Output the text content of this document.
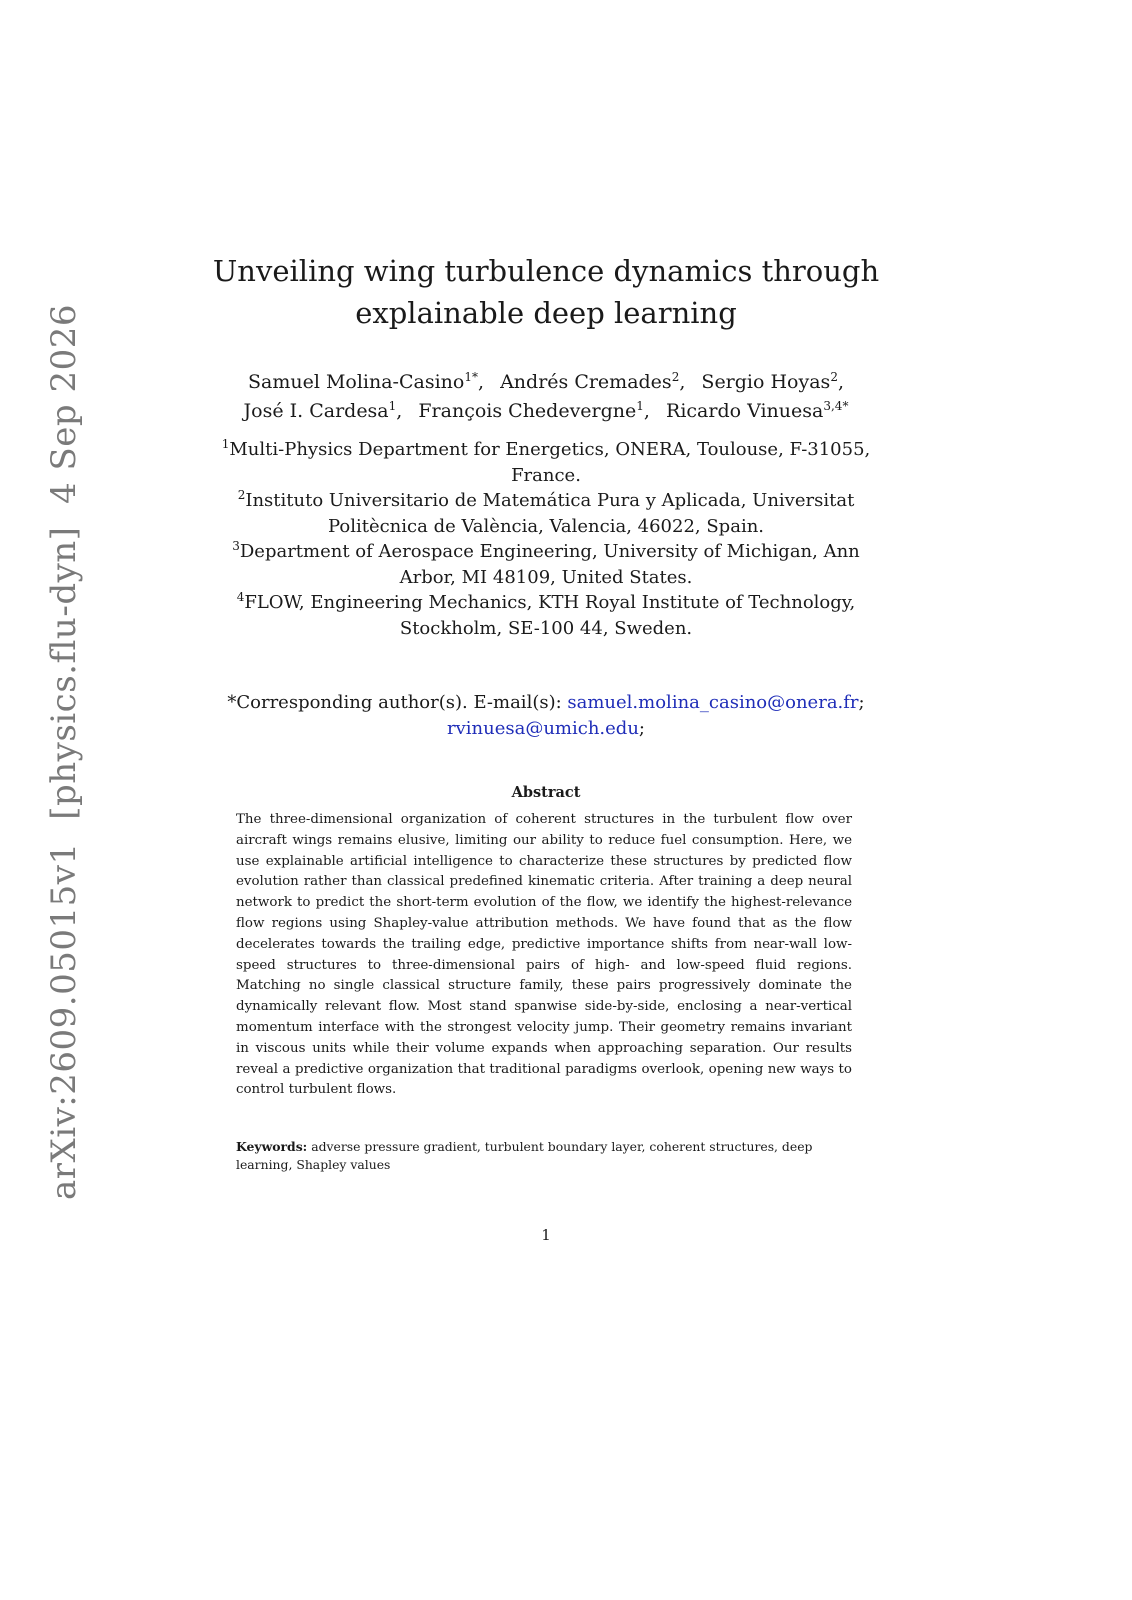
arXiv:2609.05015v1  [physics.flu-dyn]  4 Sep 2026
Unveiling wing turbulence dynamics through
explainable deep learning
Samuel Molina-Casino$^{1*}$, Andrés Cremades$^2$, Sergio Hoyas$^2$,
José I. Cardesa$^1$, François Chedevergne$^1$, Ricardo Vinuesa$^{3,4*}$
$^1$Multi-Physics Department for Energetics, ONERA, Toulouse, F-31055,
France.
$^2$Instituto Universitario de Matemática Pura y Aplicada, Universitat
Politècnica de València, Valencia, 46022, Spain.
$^3$Department of Aerospace Engineering, University of Michigan, Ann
Arbor, MI 48109, United States.
$^4$FLOW, Engineering Mechanics, KTH Royal Institute of Technology,
Stockholm, SE-100 44, Sweden.
*Corresponding author(s). E-mail(s): samuel.molina_casino@onera.fr;
rvinuesa@umich.edu;
Abstract

The three-dimensional organization of coherent structures in the turbulent flow over aircraft wings remains elusive, limiting our ability to reduce fuel consumption. Here, we use explainable artificial intelligence to characterize these structures by predicted flow evolution rather than classical predefined kinematic criteria. After training a deep neural network to predict the short-term evolution of the flow, we identify the highest-relevance flow regions using Shapley-value attribution methods. We have found that as the flow decelerates towards the trailing edge, predictive importance shifts from near-wall low-speed structures to three-dimensional pairs of high- and low-speed fluid regions. Matching no single classical structure family, these pairs progressively dominate the dynamically relevant flow. Most stand spanwise side-by-side, enclosing a near-vertical momentum interface with the strongest velocity jump. Their geometry remains invariant in viscous units while their volume expands when approaching separation. Our results reveal a predictive organization that traditional paradigms overlook, opening new ways to control turbulent flows.

Keywords: adverse pressure gradient, turbulent boundary layer, coherent structures, deep learning, Shapley values

1
